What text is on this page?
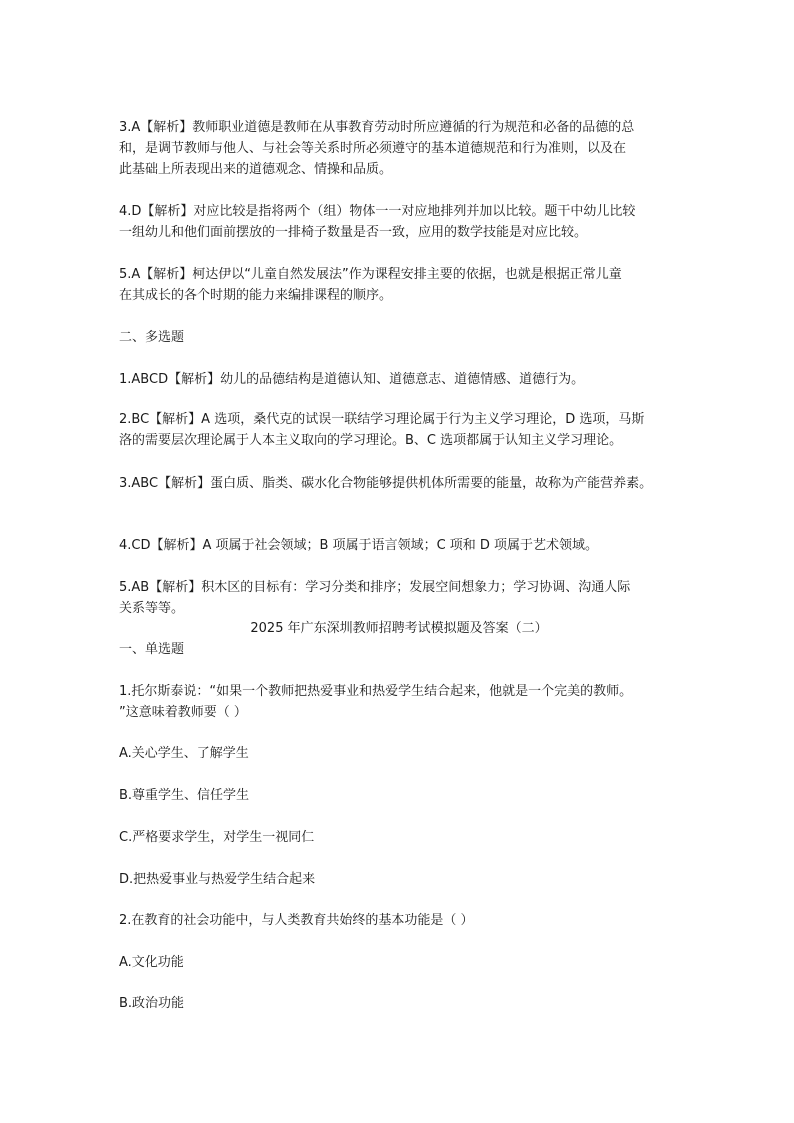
3.A【解析】教师职业道德是教师在从事教育劳动时所应遵循的行为规范和必备的品德的总
和，是调节教师与他人、与社会等关系时所必须遵守的基本道德规范和行为准则，以及在
此基础上所表现出来的道德观念、情操和品质。
4.D【解析】对应比较是指将两个（组）物体一一对应地排列并加以比较。题干中幼儿比较
一组幼儿和他们面前摆放的一排椅子数量是否一致，应用的数学技能是对应比较。
5.A【解析】柯达伊以“儿童自然发展法”作为课程安排主要的依据，也就是根据正常儿童
在其成长的各个时期的能力来编排课程的顺序。
二、多选题
1.ABCD【解析】幼儿的品德结构是道德认知、道德意志、道德情感、道德行为。
2.BC【解析】A 选项，桑代克的试误一联结学习理论属于行为主义学习理论，D 选项，马斯
洛的需要层次理论属于人本主义取向的学习理论。B、C 选项都属于认知主义学习理论。
3.ABC【解析】蛋白质、脂类、碳水化合物能够提供机体所需要的能量，故称为产能营养素。
4.CD【解析】A 项属于社会领域；B 项属于语言领域；C 项和 D 项属于艺术领域。
5.AB【解析】积木区的目标有：学习分类和排序；发展空间想象力；学习协调、沟通人际
关系等等。
2025 年广东深圳教师招聘考试模拟题及答案（二）
一、单选题
1.托尔斯泰说：“如果一个教师把热爱事业和热爱学生结合起来，他就是一个完美的教师。
”这意味着教师要（ ）
A.关心学生、了解学生
B.尊重学生、信任学生
C.严格要求学生，对学生一视同仁
D.把热爱事业与热爱学生结合起来
2.在教育的社会功能中，与人类教育共始终的基本功能是（ ）
A.文化功能
B.政治功能
